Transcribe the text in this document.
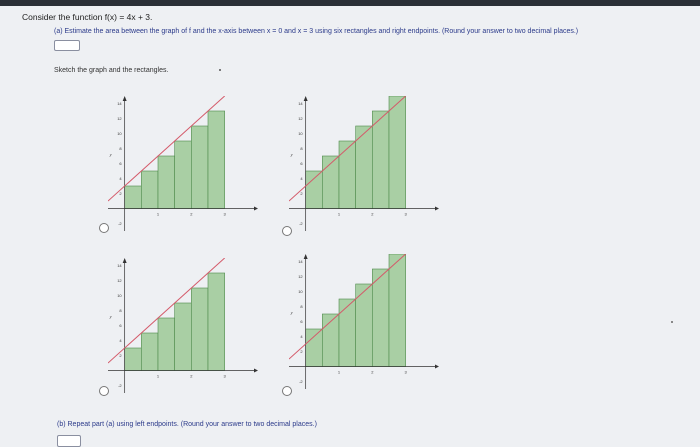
Consider the function f(x) = 4x + 3.
(a) Estimate the area between the graph of f and the x-axis between x = 0 and x = 3 using six rectangles and right endpoints. (Round your answer to two decimal places.)
Sketch the graph and the rectangles.
1	2	3
-2
2
4
6
8
10
12
14
y
1	2	3
-2
2
4
6
8
10
12
14
y
1	2	3
-2
2
4
6
8
10
12
14
y
1	2	3
-2
2
4
6
8
10
12
14
y
(b) Repeat part (a) using left endpoints. (Round your answer to two decimal places.)
